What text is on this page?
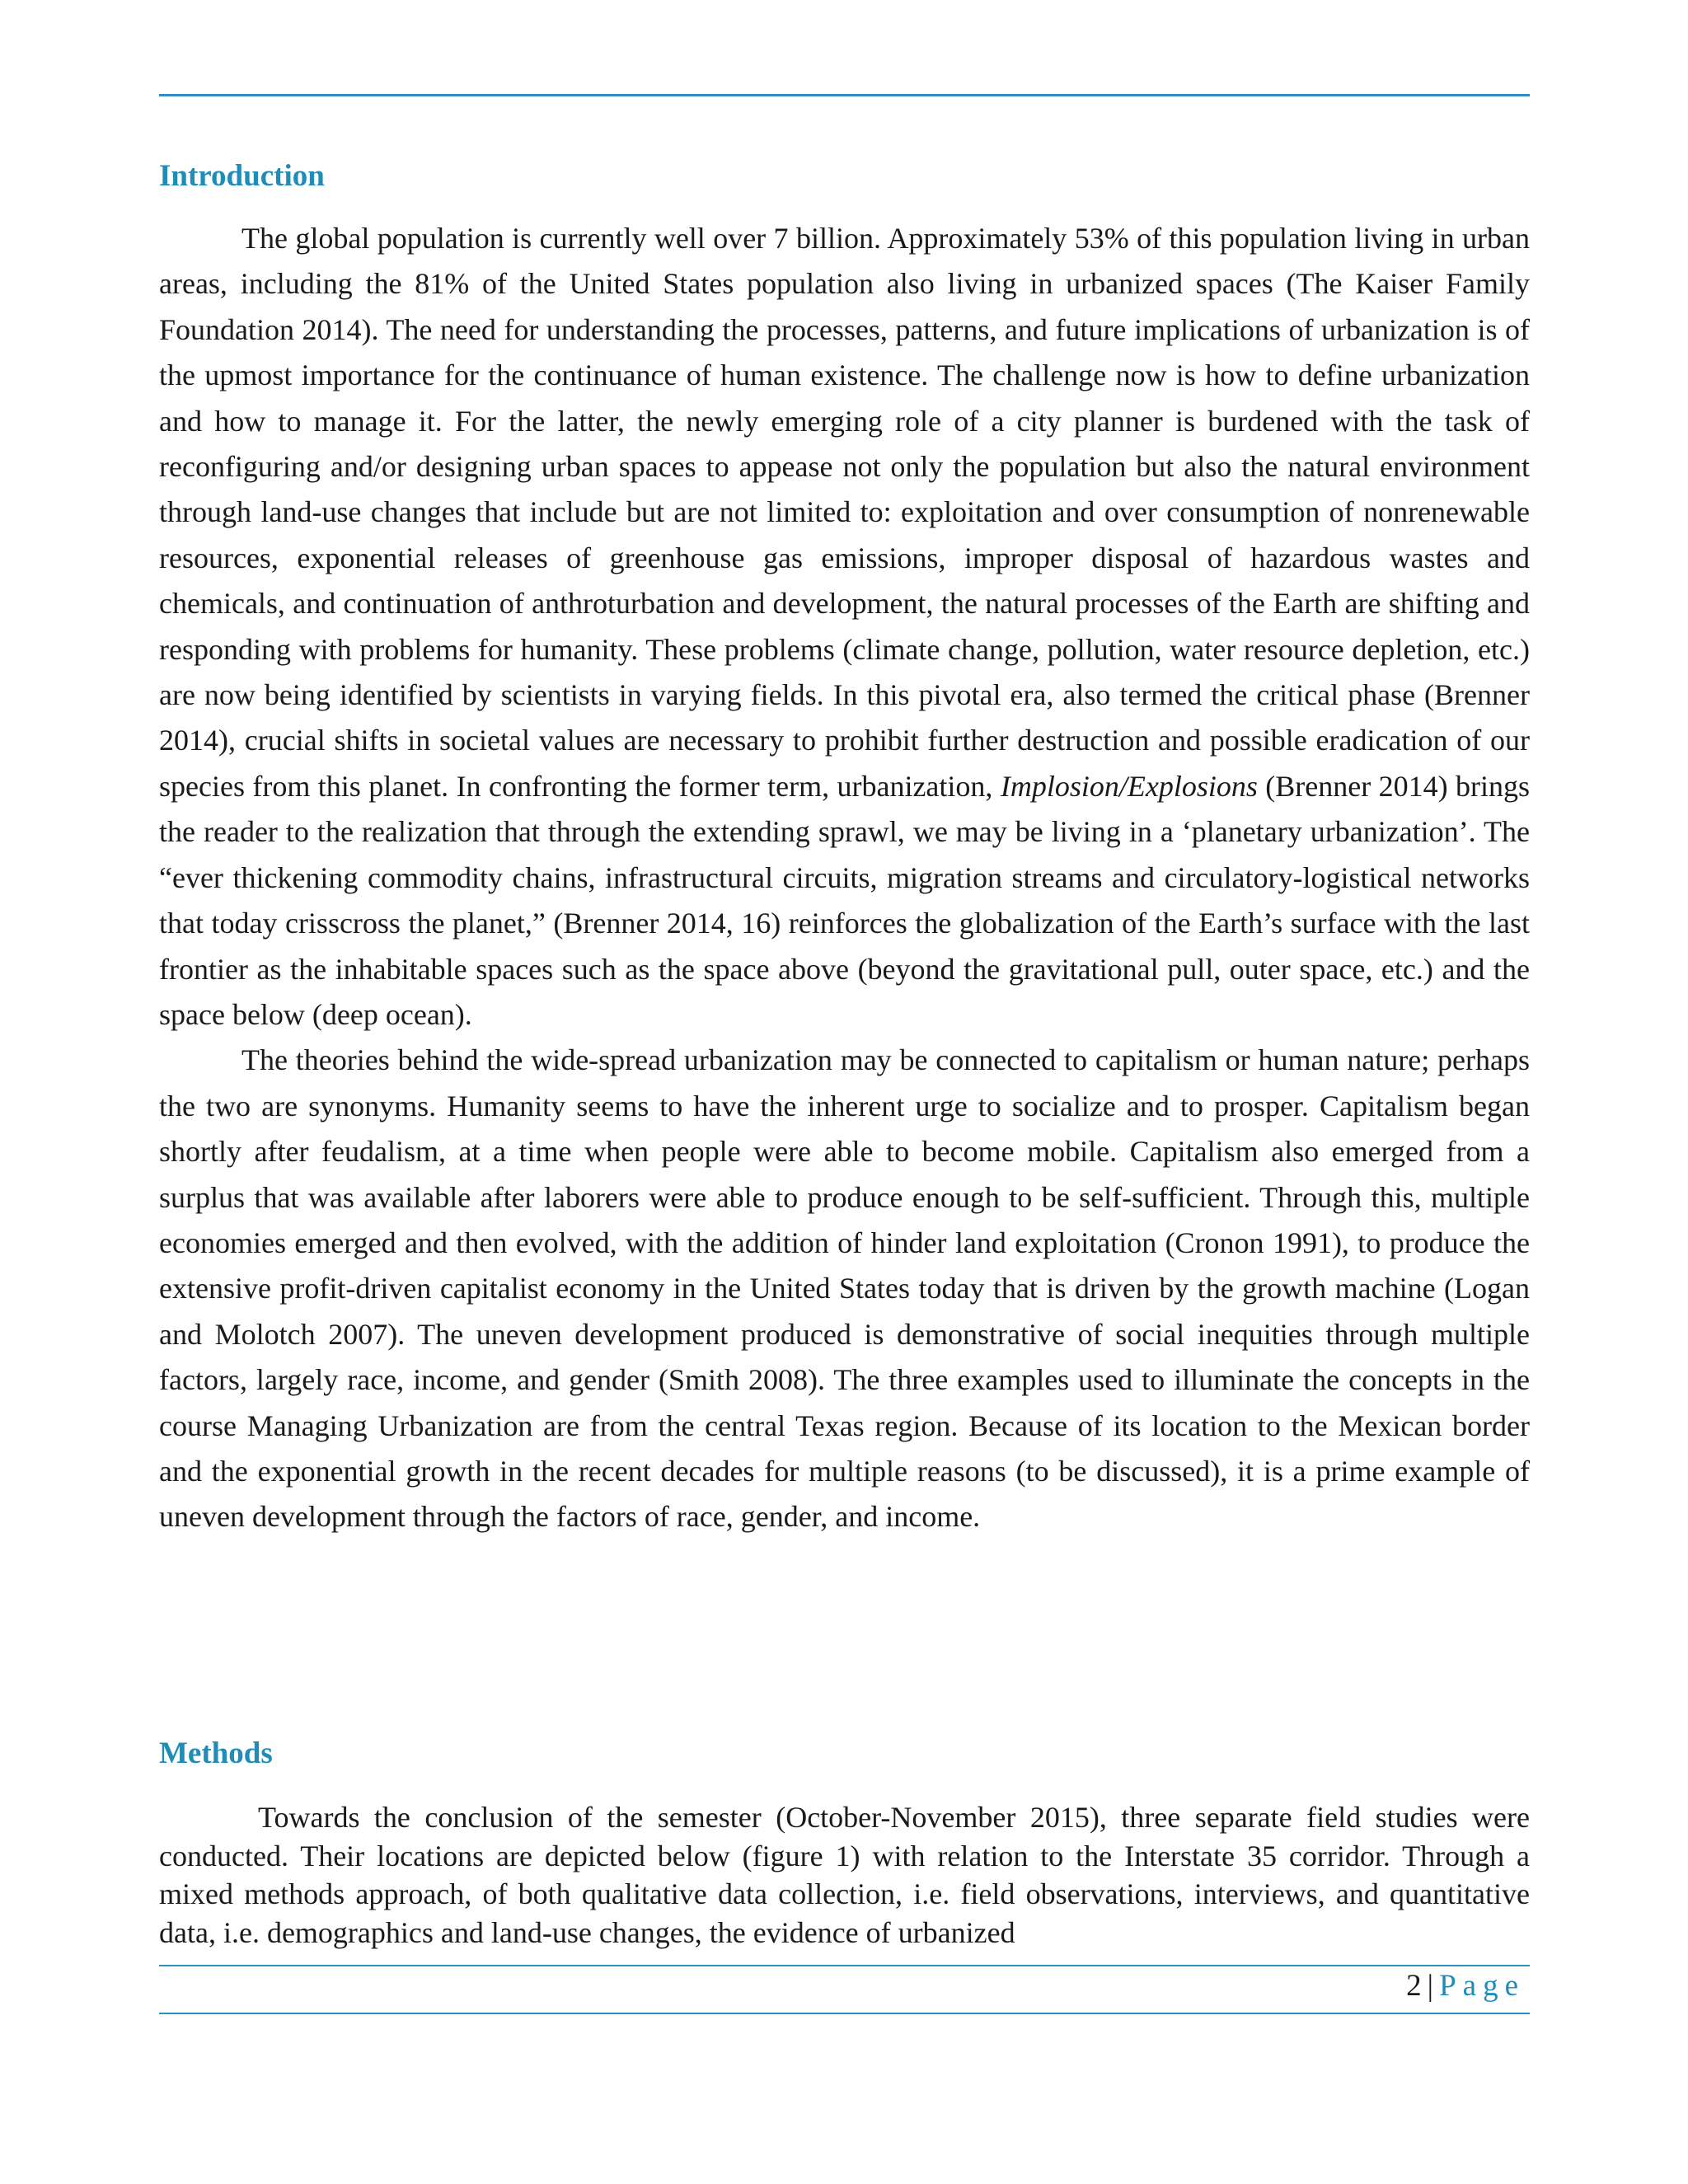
Introduction

The global population is currently well over 7 billion. Approximately 53% of this population living in urban areas, including the 81% of the United States population also living in urbanized spaces (The Kaiser Family Foundation 2014). The need for understanding the processes, patterns, and future implications of urbanization is of the upmost importance for the continuance of human existence. The challenge now is how to define urbanization and how to manage it. For the latter, the newly emerging role of a city planner is burdened with the task of reconfiguring and/or designing urban spaces to appease not only the population but also the natural environment through land-use changes that include but are not limited to: exploitation and over consumption of nonrenewable resources, exponential releases of greenhouse gas emissions, improper disposal of hazardous wastes and chemicals, and continuation of anthroturbation and development, the natural processes of the Earth are shifting and responding with problems for humanity. These problems (climate change, pollution, water resource depletion, etc.) are now being identified by scientists in varying fields. In this pivotal era, also termed the critical phase (Brenner 2014), crucial shifts in societal values are necessary to prohibit further destruction and possible eradication of our species from this planet. In confronting the former term, urbanization, Implosion/Explosions (Brenner 2014) brings the reader to the realization that through the extending sprawl, we may be living in a ‘planetary urbanization’. The “ever thickening commodity chains, infrastructural circuits, migration streams and circulatory-logistical networks that today crisscross the planet,” (Brenner 2014, 16) reinforces the globalization of the Earth’s surface with the last frontier as the inhabitable spaces such as the space above (beyond the gravitational pull, outer space, etc.) and the space below (deep ocean).

The theories behind the wide-spread urbanization may be connected to capitalism or human nature; perhaps the two are synonyms. Humanity seems to have the inherent urge to socialize and to prosper. Capitalism began shortly after feudalism, at a time when people were able to become mobile. Capitalism also emerged from a surplus that was available after laborers were able to produce enough to be self-sufficient. Through this, multiple economies emerged and then evolved, with the addition of hinder land exploitation (Cronon 1991), to produce the extensive profit-driven capitalist economy in the United States today that is driven by the growth machine (Logan and Molotch 2007). The uneven development produced is demonstrative of social inequities through multiple factors, largely race, income, and gender (Smith 2008). The three examples used to illuminate the concepts in the course Managing Urbanization are from the central Texas region. Because of its location to the Mexican border and the exponential growth in the recent decades for multiple reasons (to be discussed), it is a prime example of uneven development through the factors of race, gender, and income.

Methods

Towards the conclusion of the semester (October-November 2015), three separate field studies were conducted. Their locations are depicted below (figure 1) with relation to the Interstate 35 corridor. Through a mixed methods approach, of both qualitative data collection, i.e. field observations, interviews, and quantitative data, i.e. demographics and land-use changes, the evidence of urbanized

2 | Page
